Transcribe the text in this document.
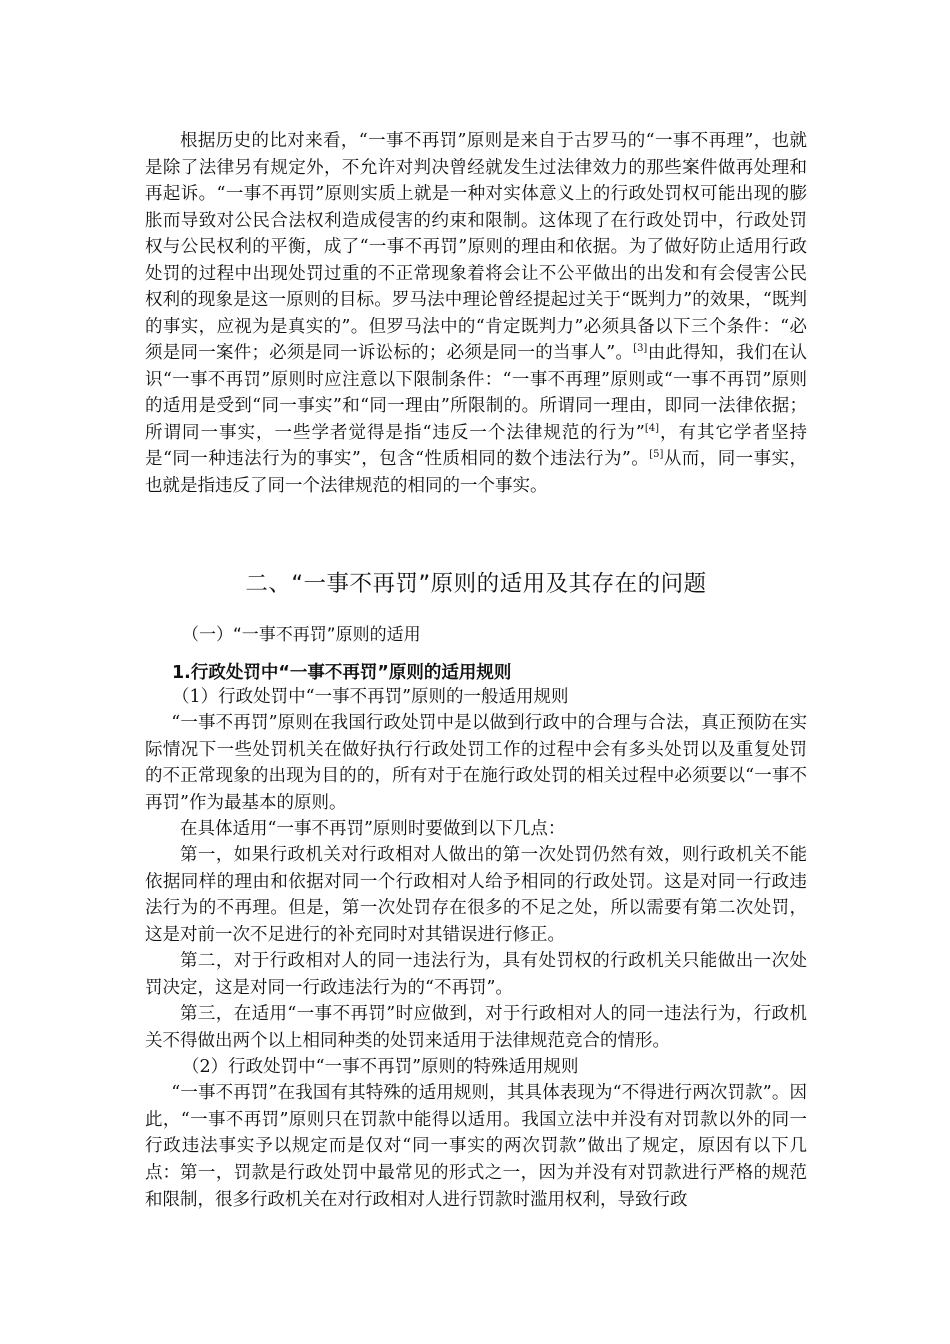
根据历史的比对来看，“一事不再罚”原则是来自于古罗马的“一事不再理”，也就是除了法律另有规定外，不允许对判决曾经就发生过法律效力的那些案件做再处理和再起诉。“一事不再罚”原则实质上就是一种对实体意义上的行政处罚权可能出现的膨胀而导致对公民合法权利造成侵害的约束和限制。这体现了在行政处罚中，行政处罚权与公民权利的平衡，成了“一事不再罚”原则的理由和依据。为了做好防止适用行政处罚的过程中出现处罚过重的不正常现象着将会让不公平做出的出发和有会侵害公民权利的现象是这一原则的目标。罗马法中理论曾经提起过关于“既判力”的效果，“既判的事实，应视为是真实的”。但罗马法中的“肯定既判力”必须具备以下三个条件：“必须是同一案件；必须是同一诉讼标的；必须是同一的当事人”。[3]由此得知，我们在认识“一事不再罚”原则时应注意以下限制条件：“一事不再理”原则或“一事不再罚”原则的适用是受到“同一事实”和“同一理由”所限制的。所谓同一理由，即同一法律依据；所谓同一事实，一些学者觉得是指“违反一个法律规范的行为”[4]，有其它学者坚持是“同一种违法行为的事实”，包含“性质相同的数个违法行为”。[5]从而，同一事实，也就是指违反了同一个法律规范的相同的一个事实。

二、“一事不再罚”原则的适用及其存在的问题
（一）“一事不再罚”原则的适用
1.行政处罚中“一事不再罚”原则的适用规则

（1）行政处罚中“一事不再罚”原则的一般适用规则

“一事不再罚”原则在我国行政处罚中是以做到行政中的合理与合法，真正预防在实际情况下一些处罚机关在做好执行行政处罚工作的过程中会有多头处罚以及重复处罚的不正常现象的出现为目的的，所有对于在施行政处罚的相关过程中必须要以“一事不再罚”作为最基本的原则。

在具体适用“一事不再罚”原则时要做到以下几点：

第一，如果行政机关对行政相对人做出的第一次处罚仍然有效，则行政机关不能依据同样的理由和依据对同一个行政相对人给予相同的行政处罚。这是对同一行政违法行为的不再理。但是，第一次处罚存在很多的不足之处，所以需要有第二次处罚，这是对前一次不足进行的补充同时对其错误进行修正。

第二，对于行政相对人的同一违法行为，具有处罚权的行政机关只能做出一次处罚决定，这是对同一行政违法行为的“不再罚”。

第三，在适用“一事不再罚”时应做到，对于行政相对人的同一违法行为，行政机关不得做出两个以上相同种类的处罚来适用于法律规范竞合的情形。

（2）行政处罚中“一事不再罚”原则的特殊适用规则

“一事不再罚”在我国有其特殊的适用规则，其具体表现为“不得进行两次罚款”。因此，“一事不再罚”原则只在罚款中能得以适用。我国立法中并没有对罚款以外的同一行政违法事实予以规定而是仅对“同一事实的两次罚款”做出了规定，原因有以下几点： 第一，罚款是行政处罚中最常见的形式之一，因为并没有对罚款进行严格的规范和限制，很多行政机关在对行政相对人进行罚款时滥用权利，导致行政
